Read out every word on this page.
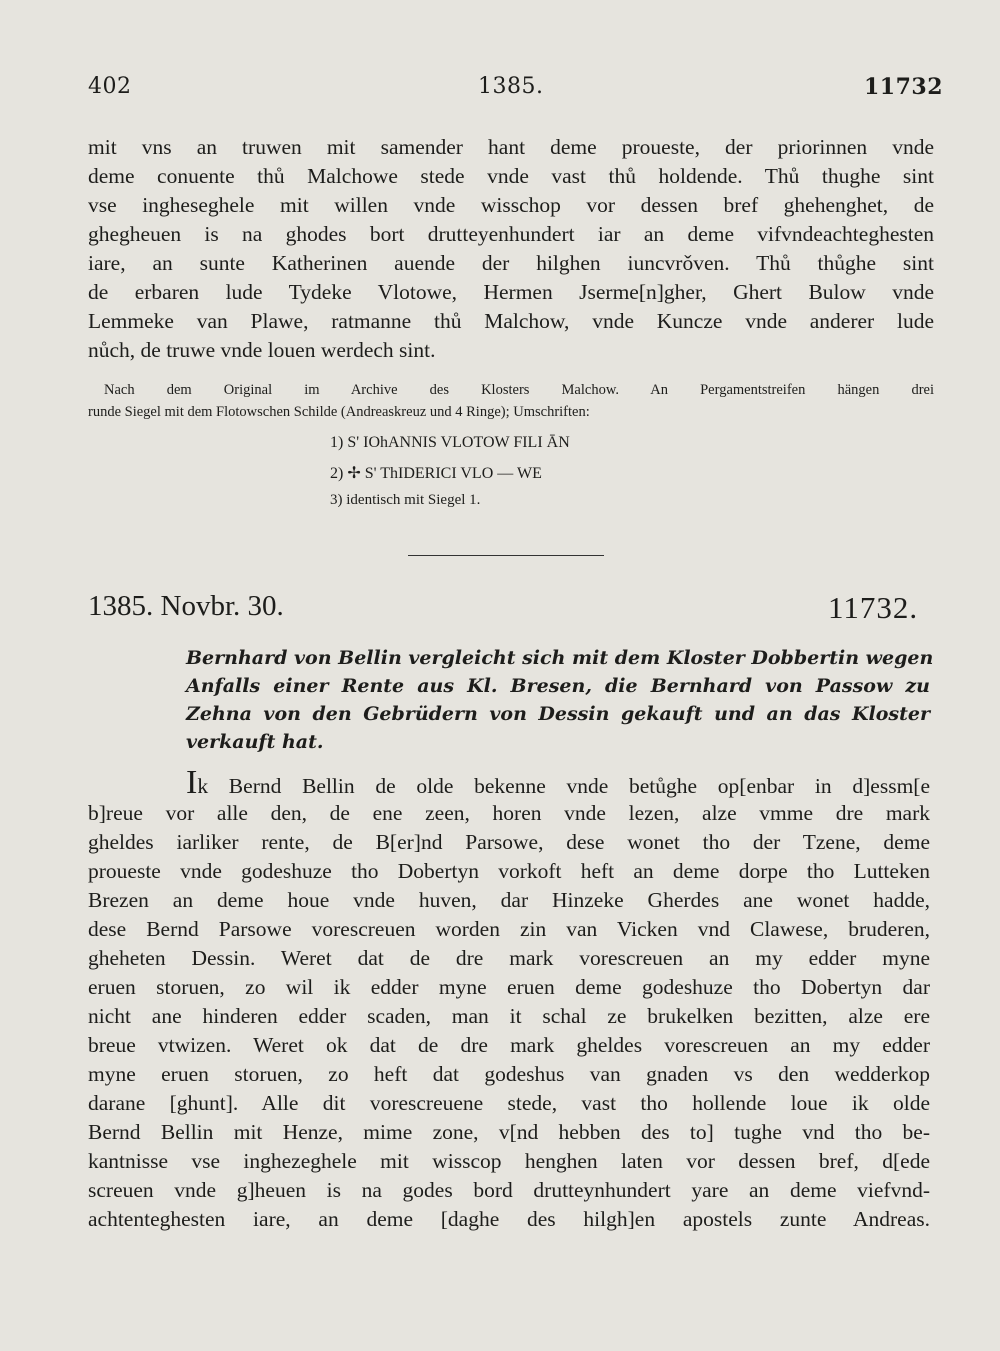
402	1385.	11732
mit vns an truwen mit samender hant deme proueste, der priorinnen vnde
deme conuente thů Malchowe stede vnde vast thů holdende. Thů thughe sint
vse ingheseghele mit willen vnde wisschop vor dessen bref ghehenghet, de
ghegheuen is na ghodes bort drutteyenhundert iar an deme vifvndeachteghesten
iare, an sunte Katherinen auende der hilghen iuncvrǒven. Thů thůghe sint
de erbaren lude Tydeke Vlotowe, Hermen Jserme[n]gher, Ghert Bulow vnde
Lemmeke van Plawe, ratmanne thů Malchow, vnde Kuncze vnde anderer lude
nůch, de truwe vnde louen werdech sint.
Nach dem Original im Archive des Klosters Malchow. An Pergamentstreifen hängen drei
runde Siegel mit dem Flotowschen Schilde (Andreaskreuz und 4 Ringe); Umschriften:
1) S' IOhANNIS VLOTOW FILI ĀN
2) ✢ S' ThIDERICI VLO — WE
3) identisch mit Siegel 1.
1385. Novbr. 30.	11732.
Bernhard von Bellin vergleicht sich mit dem Kloster Dobbertin wegen
Anfalls einer Rente aus Kl. Bresen, die Bernhard von Passow zu
Zehna von den Gebrüdern von Dessin gekauft und an das Kloster
verkauft hat.
Ik Bernd Bellin de olde bekenne vnde betůghe op[enbar in d]essm[e
b]reue vor alle den, de ene zeen, horen vnde lezen, alze vmme dre mark
gheldes iarliker rente, de B[er]nd Parsowe, dese wonet tho der Tzene, deme
proueste vnde godeshuze tho Dobertyn vorkoft heft an deme dorpe tho Lutteken
Brezen an deme houe vnde huven, dar Hinzeke Gherdes ane wonet hadde,
dese Bernd Parsowe vorescreuen worden zin van Vicken vnd Clawese, bruderen,
gheheten Dessin. Weret dat de dre mark vorescreuen an my edder myne
eruen storuen, zo wil ik edder myne eruen deme godeshuze tho Dobertyn dar
nicht ane hinderen edder scaden, man it schal ze brukelken bezitten, alze ere
breue vtwizen. Weret ok dat de dre mark gheldes vorescreuen an my edder
myne eruen storuen, zo heft dat godeshus van gnaden vs den wedderkop
darane [ghunt]. Alle dit vorescreuene stede, vast tho hollende loue ik olde
Bernd Bellin mit Henze, mime zone, v[nd hebben des to] tughe vnd tho be-
kantnisse vse inghezeghele mit wisscop henghen laten vor dessen bref, d[ede
screuen vnde g]heuen is na godes bord drutteynhundert yare an deme viefvnd-
achtenteghesten iare, an deme [daghe des hilgh]en apostels zunte Andreas.
